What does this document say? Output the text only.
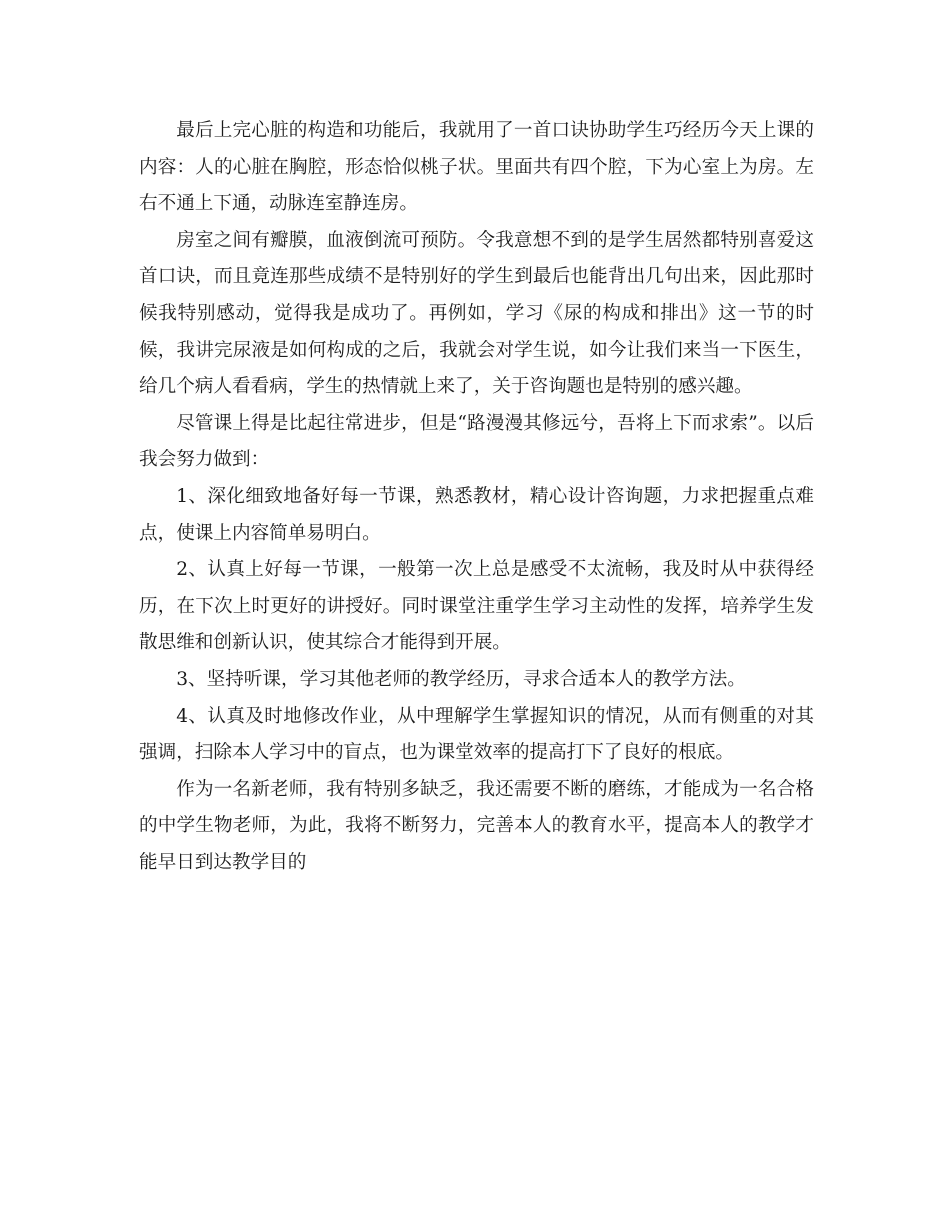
最后上完心脏的构造和功能后，我就用了一首口诀协助学生巧经历今天上课的内容：人的心脏在胸腔，形态恰似桃子状。里面共有四个腔，下为心室上为房。左右不通上下通，动脉连室静连房。

房室之间有瓣膜，血液倒流可预防。令我意想不到的是学生居然都特别喜爱这首口诀，而且竟连那些成绩不是特别好的学生到最后也能背出几句出来，因此那时候我特别感动，觉得我是成功了。再例如，学习《尿的构成和排出》这一节的时候，我讲完尿液是如何构成的之后，我就会对学生说，如今让我们来当一下医生，给几个病人看看病，学生的热情就上来了，关于咨询题也是特别的感兴趣。

尽管课上得是比起往常进步，但是“路漫漫其修远兮，吾将上下而求索”。以后我会努力做到：

1、深化细致地备好每一节课，熟悉教材，精心设计咨询题，力求把握重点难点，使课上内容简单易明白。

2、认真上好每一节课，一般第一次上总是感受不太流畅，我及时从中获得经历，在下次上时更好的讲授好。同时课堂注重学生学习主动性的发挥，培养学生发散思维和创新认识，使其综合才能得到开展。

3、坚持听课，学习其他老师的教学经历，寻求合适本人的教学方法。

4、认真及时地修改作业，从中理解学生掌握知识的情况，从而有侧重的对其强调，扫除本人学习中的盲点，也为课堂效率的提高打下了良好的根底。

作为一名新老师，我有特别多缺乏，我还需要不断的磨练，才能成为一名合格的中学生物老师，为此，我将不断努力，完善本人的教育水平，提高本人的教学才能早日到达教学目的
